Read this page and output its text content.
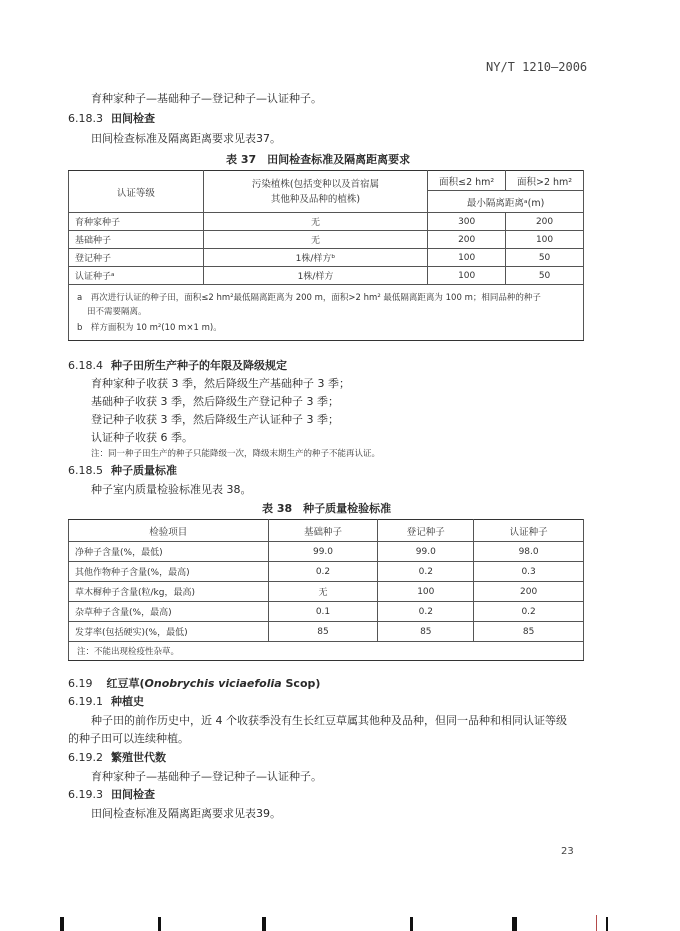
NY/T 1210—2006
育种家种子—基础种子—登记种子—认证种子。
6.18.3 田间检查
田间检查标准及隔离距离要求见表37。
表 37　田间检查标准及隔离距离要求
认证等级	污染植株(包括变种以及首宿属
其他种及品种的植株)	面积≤2 hm²	面积>2 hm²
		最小隔离距离ᵃ(m)	
育种家种子	无	300	200
基础种子	无	200	100
登记种子	1株/样方ᵇ	100	50
认证种子ᵃ	1株/样方	100	50

a　再次进行认证的种子田，面积≤2 hm²最低隔离距离为 200 m，面积>2 hm² 最低隔离距离为 100 m；相同品种的种子
田不需要隔离。
b　样方面积为 10 m²(10 m×1 m)。			
6.18.4 种子田所生产种子的年限及降级规定
育种家种子收获 3 季，然后降级生产基础种子 3 季；
基础种子收获 3 季，然后降级生产登记种子 3 季；
登记种子收获 3 季，然后降级生产认证种子 3 季；
认证种子收获 6 季。
注：同一种子田生产的种子只能降级一次，降级末期生产的种子不能再认证。
6.18.5 种子质量标准
种子室内质量检验标准见表 38。
表 38　种子质量检验标准
检验项目	基础种子	登记种子	认证种子
净种子含量(%，最低)	99.0	99.0	98.0
其他作物种子含量(%，最高)	0.2	0.2	0.3
草木樨种子含量(粒/kg，最高)	无	100	200
杂草种子含量(%，最高)	0.1	0.2	0.2
发芽率(包括硬实)(%，最低)	85	85	85
注：不能出现检疫性杂草。			
6.19 红豆草(Onobrychis viciaefolia Scop)
6.19.1 种植史
种子田的前作历史中，近 4 个收获季没有生长红豆草属其他种及品种，但同一品种和相同认证等级
的种子田可以连续种植。
6.19.2 繁殖世代数
育种家种子—基础种子—登记种子—认证种子。
6.19.3 田间检查
田间检查标准及隔离距离要求见表39。
23
